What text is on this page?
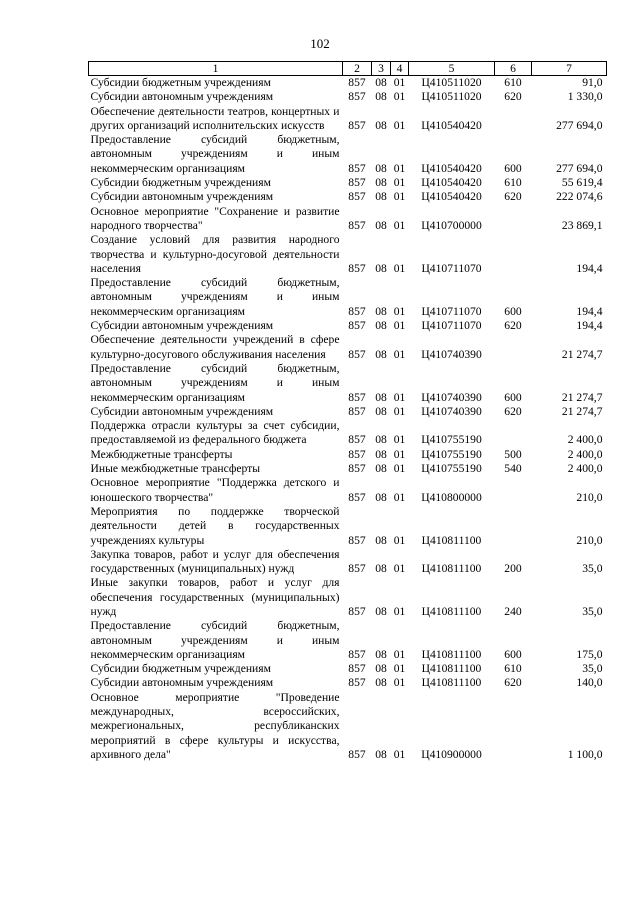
102
1	2	3	4	5	6	7
Субсидии бюджетным учреждениям	857	08	01	Ц410511020	610	91,0
Субсидии автономным учреждениям	857	08	01	Ц410511020	620	1 330,0
Обеспечение деятельности театров, концертных и других организаций исполнительских искусств	857	08	01	Ц410540420		277 694,0
Предоставление субсидий бюджетным, автономным учреждениям и иным некоммерческим организациям	857	08	01	Ц410540420	600	277 694,0
Субсидии бюджетным учреждениям	857	08	01	Ц410540420	610	55 619,4
Субсидии автономным учреждениям	857	08	01	Ц410540420	620	222 074,6
Основное мероприятие "Сохранение и развитие народного творчества"	857	08	01	Ц410700000		23 869,1
Создание условий для развития народного творчества и культурно-досуговой деятельности населения	857	08	01	Ц410711070		194,4
Предоставление субсидий бюджетным, автономным учреждениям и иным некоммерческим организациям	857	08	01	Ц410711070	600	194,4
Субсидии автономным учреждениям	857	08	01	Ц410711070	620	194,4
Обеспечение деятельности учреждений в сфере культурно-досугового обслуживания населения	857	08	01	Ц410740390		21 274,7
Предоставление субсидий бюджетным, автономным учреждениям и иным некоммерческим организациям	857	08	01	Ц410740390	600	21 274,7
Субсидии автономным учреждениям	857	08	01	Ц410740390	620	21 274,7
Поддержка отрасли культуры за счет субсидии, предоставляемой из федерального бюджета	857	08	01	Ц410755190		2 400,0
Межбюджетные трансферты	857	08	01	Ц410755190	500	2 400,0
Иные межбюджетные трансферты	857	08	01	Ц410755190	540	2 400,0
Основное мероприятие "Поддержка детского и юношеского творчества"	857	08	01	Ц410800000		210,0
Мероприятия по поддержке творческой деятельности детей в государственных учреждениях культуры	857	08	01	Ц410811100		210,0
Закупка товаров, работ и услуг для обеспечения государственных (муниципальных) нужд	857	08	01	Ц410811100	200	35,0
Иные закупки товаров, работ и услуг для обеспечения государственных (муниципальных) нужд	857	08	01	Ц410811100	240	35,0
Предоставление субсидий бюджетным, автономным учреждениям и иным некоммерческим организациям	857	08	01	Ц410811100	600	175,0
Субсидии бюджетным учреждениям	857	08	01	Ц410811100	610	35,0
Субсидии автономным учреждениям	857	08	01	Ц410811100	620	140,0
Основное мероприятие "Проведение международных, всероссийских, межрегиональных, республиканских мероприятий в сфере культуры и искусства, архивного дела"	857	08	01	Ц410900000		1 100,0
